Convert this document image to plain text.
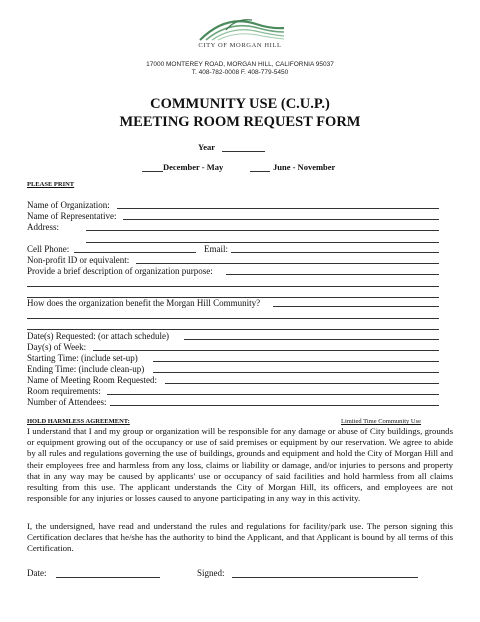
CITY OF MORGAN HILL
17000 MONTEREY ROAD, MORGAN HILL, CALIFORNIA 95037
T. 408-782-0008 F. 408-779-5450
COMMUNITY USE (C.U.P.)
MEETING ROOM REQUEST FORM
Year
December - May	June - November
PLEASE PRINT
Name of Organization:
Name of Representative:
Address:
Cell Phone:	Email:
Non-profit ID or equivalent:
Provide a brief description of organization purpose:
How does the organization benefit the Morgan Hill Community?
Date(s) Requested: (or attach schedule)
Day(s) of Week:
Starting Time: (include set-up)
Ending Time: (include clean-up)
Name of Meeting Room Requested:
Room requirements:
Number of Attendees:
HOLD HARMLESS AGREEMENT:	Limited Time Community Use
I understand that I and my group or organization will be responsible for any damage or abuse of City buildings, grounds or equipment growing out of the occupancy or use of said premises or equipment by our reservation. We agree to abide by all rules and regulations governing the use of buildings, grounds and equipment and hold the City of Morgan Hill and their employees free and harmless from any loss, claims or liability or damage, and/or injuries to persons and property that in any way may be caused by applicants' use or occupancy of said facilities and hold harmless from all claims resulting from this use. The applicant understands the City of Morgan Hill, its officers, and employees are not responsible for any injuries or losses caused to anyone participating in any way in this activity.
I, the undersigned, have read and understand the rules and regulations for facility/park use. The person signing this Certification declares that he/she has the authority to bind the Applicant, and that Applicant is bound by all terms of this Certification.
Date:	Signed:
